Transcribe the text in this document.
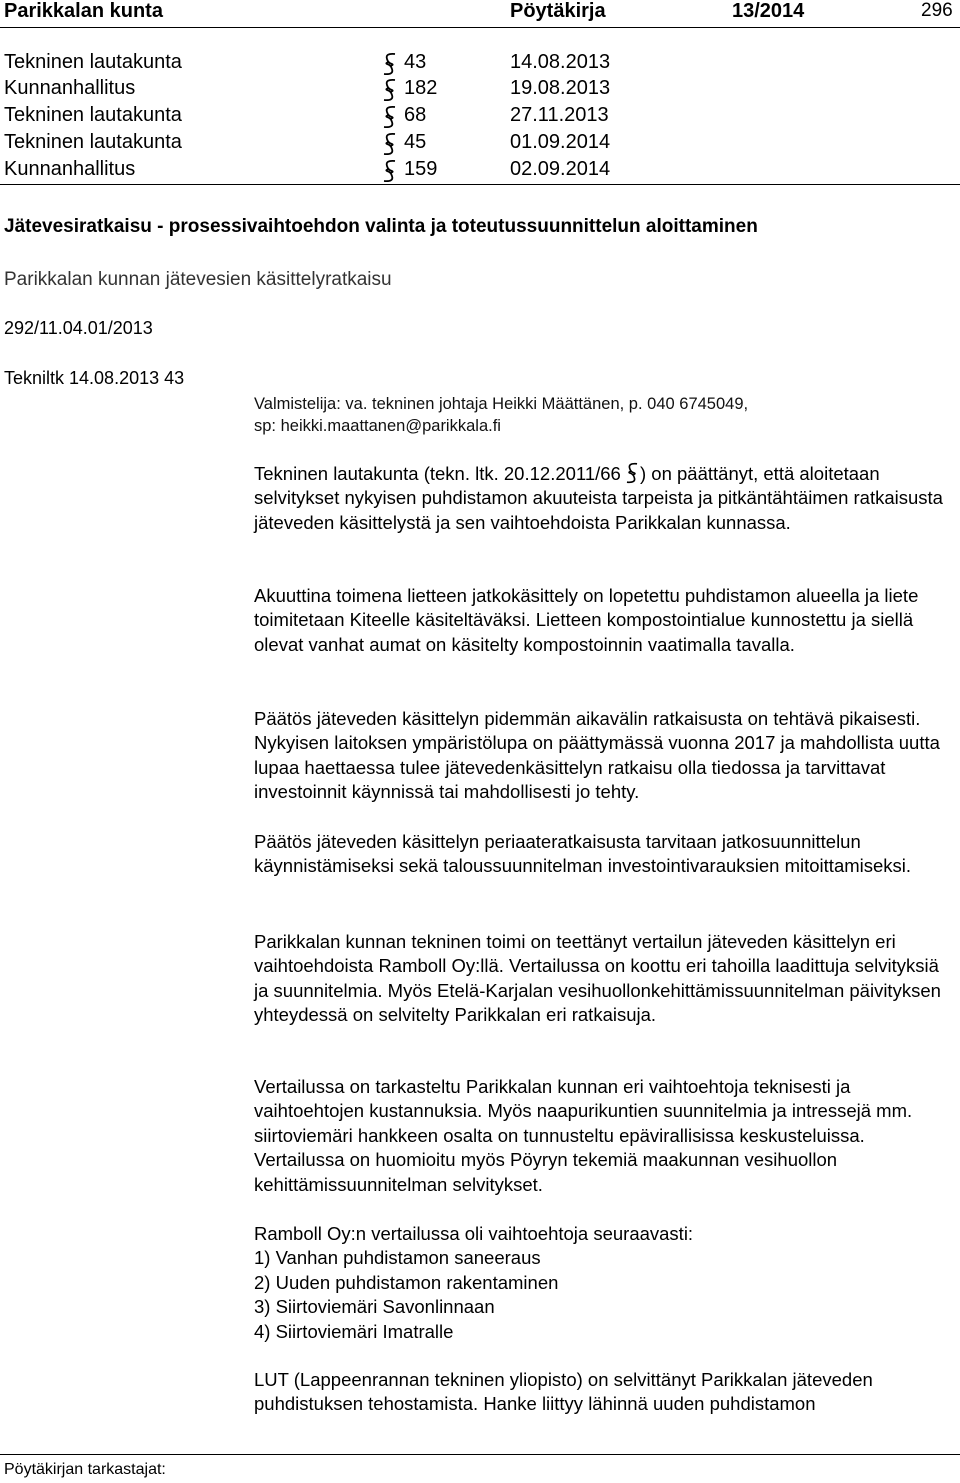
Parikkalan kunta	Pöytäkirja	13/2014	296
Tekninen lautakunta	43	14.08.2013
Kunnanhallitus	182	19.08.2013
Tekninen lautakunta	68	27.11.2013
Tekninen lautakunta	45	01.09.2014
Kunnanhallitus	159	02.09.2014
Jätevesiratkaisu - prosessivaihtoehdon valinta ja toteutussuunnittelun aloittaminen
Parikkalan kunnan jätevesien käsittelyratkaisu
292/11.04.01/2013
Tekniltk 14.08.2013 43
Valmistelija: va. tekninen johtaja Heikki Määttänen, p. 040 6745049,
sp: heikki.maattanen@parikkala.fi

Tekninen lautakunta (tekn. ltk. 20.12.2011/66 ) on päättänyt, että aloitetaan selvitykset nykyisen puhdistamon akuuteista tarpeista ja pitkäntähtäimen ratkaisusta jäteveden käsittelystä ja sen vaihtoehdoista Parikkalan kunnassa.

Akuuttina toimena lietteen jatkokäsittely on lopetettu puhdistamon alueella ja liete toimitetaan Kiteelle käsiteltäväksi. Lietteen kompostointialue kunnostettu ja siellä olevat vanhat aumat on käsitelty kompostoinnin vaatimalla tavalla.

Päätös jäteveden käsittelyn pidemmän aikavälin ratkaisusta on tehtävä pikaisesti. Nykyisen laitoksen ympäristölupa on päättymässä vuonna 2017 ja mahdollista uutta lupaa haettaessa tulee jätevedenkäsittelyn ratkaisu olla tiedossa ja tarvittavat investoinnit käynnissä tai mahdollisesti jo tehty.

Päätös jäteveden käsittelyn periaateratkaisusta tarvitaan jatkosuunnittelun käynnistämiseksi sekä taloussuunnitelman investointivarauksien mitoittamiseksi.

Parikkalan kunnan tekninen toimi on teettänyt vertailun jäteveden käsittelyn eri vaihtoehdoista Ramboll Oy:llä. Vertailussa on koottu eri tahoilla laadittuja selvityksiä ja suunnitelmia. Myös Etelä-Karjalan vesihuollonkehittämissuunnitelman päivityksen yhteydessä on selvitelty Parikkalan eri ratkaisuja.

Vertailussa on tarkasteltu Parikkalan kunnan eri vaihtoehtoja teknisesti ja vaihtoehtojen kustannuksia. Myös naapurikuntien suunnitelmia ja intressejä mm. siirtoviemäri hankkeen osalta on tunnusteltu epävirallisissa keskusteluissa. Vertailussa on huomioitu myös Pöyryn tekemiä maakunnan vesihuollon kehittämissuunnitelman selvitykset.

Ramboll Oy:n vertailussa oli vaihtoehtoja seuraavasti:

1) Vanhan puhdistamon saneeraus

2) Uuden puhdistamon rakentaminen

3) Siirtoviemäri Savonlinnaan

4) Siirtoviemäri Imatralle

LUT (Lappeenrannan tekninen yliopisto) on selvittänyt Parikkalan jäteveden puhdistuksen tehostamista. Hanke liittyy lähinnä uuden puhdistamon

Pöytäkirjan tarkastajat:
